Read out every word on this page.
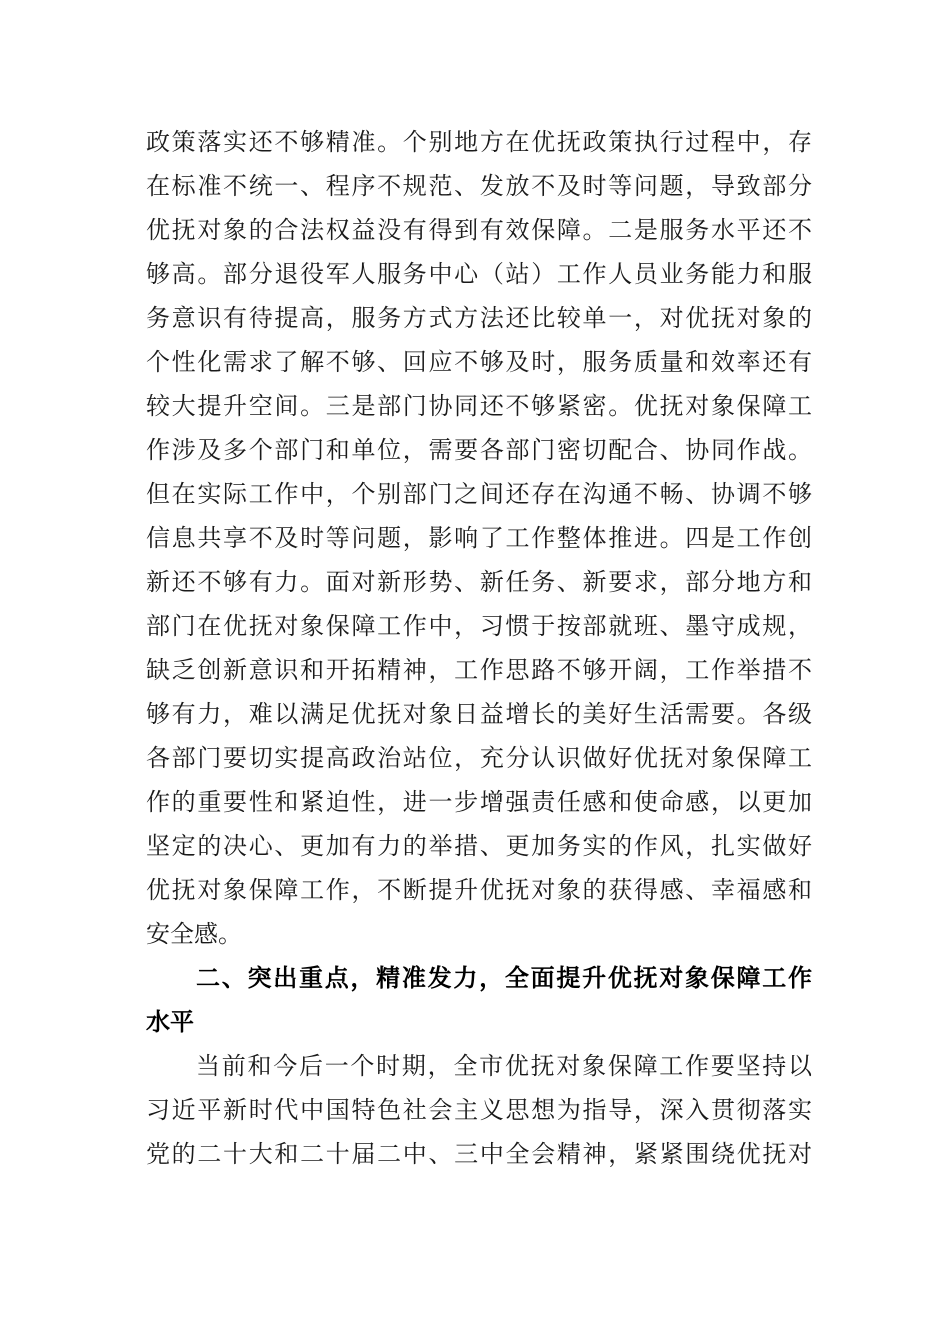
政策落实还不够精准。个别地方在优抚政策执行过程中，存
在标准不统一、程序不规范、发放不及时等问题，导致部分
优抚对象的合法权益没有得到有效保障。二是服务水平还不
够高。部分退役军人服务中心（站）工作人员业务能力和服
务意识有待提高，服务方式方法还比较单一，对优抚对象的
个性化需求了解不够、回应不够及时，服务质量和效率还有
较大提升空间。三是部门协同还不够紧密。优抚对象保障工
作涉及多个部门和单位，需要各部门密切配合、协同作战。
但在实际工作中，个别部门之间还存在沟通不畅、协调不够
信息共享不及时等问题，影响了工作整体推进。四是工作创
新还不够有力。面对新形势、新任务、新要求，部分地方和
部门在优抚对象保障工作中，习惯于按部就班、墨守成规，
缺乏创新意识和开拓精神，工作思路不够开阔，工作举措不
够有力，难以满足优抚对象日益增长的美好生活需要。各级
各部门要切实提高政治站位，充分认识做好优抚对象保障工
作的重要性和紧迫性，进一步增强责任感和使命感，以更加
坚定的决心、更加有力的举措、更加务实的作风，扎实做好
优抚对象保障工作，不断提升优抚对象的获得感、幸福感和
安全感。
二、突出重点，精准发力，全面提升优抚对象保障工作
水平
当前和今后一个时期，全市优抚对象保障工作要坚持以
习近平新时代中国特色社会主义思想为指导，深入贯彻落实
党的二十大和二十届二中、三中全会精神，紧紧围绕优抚对
